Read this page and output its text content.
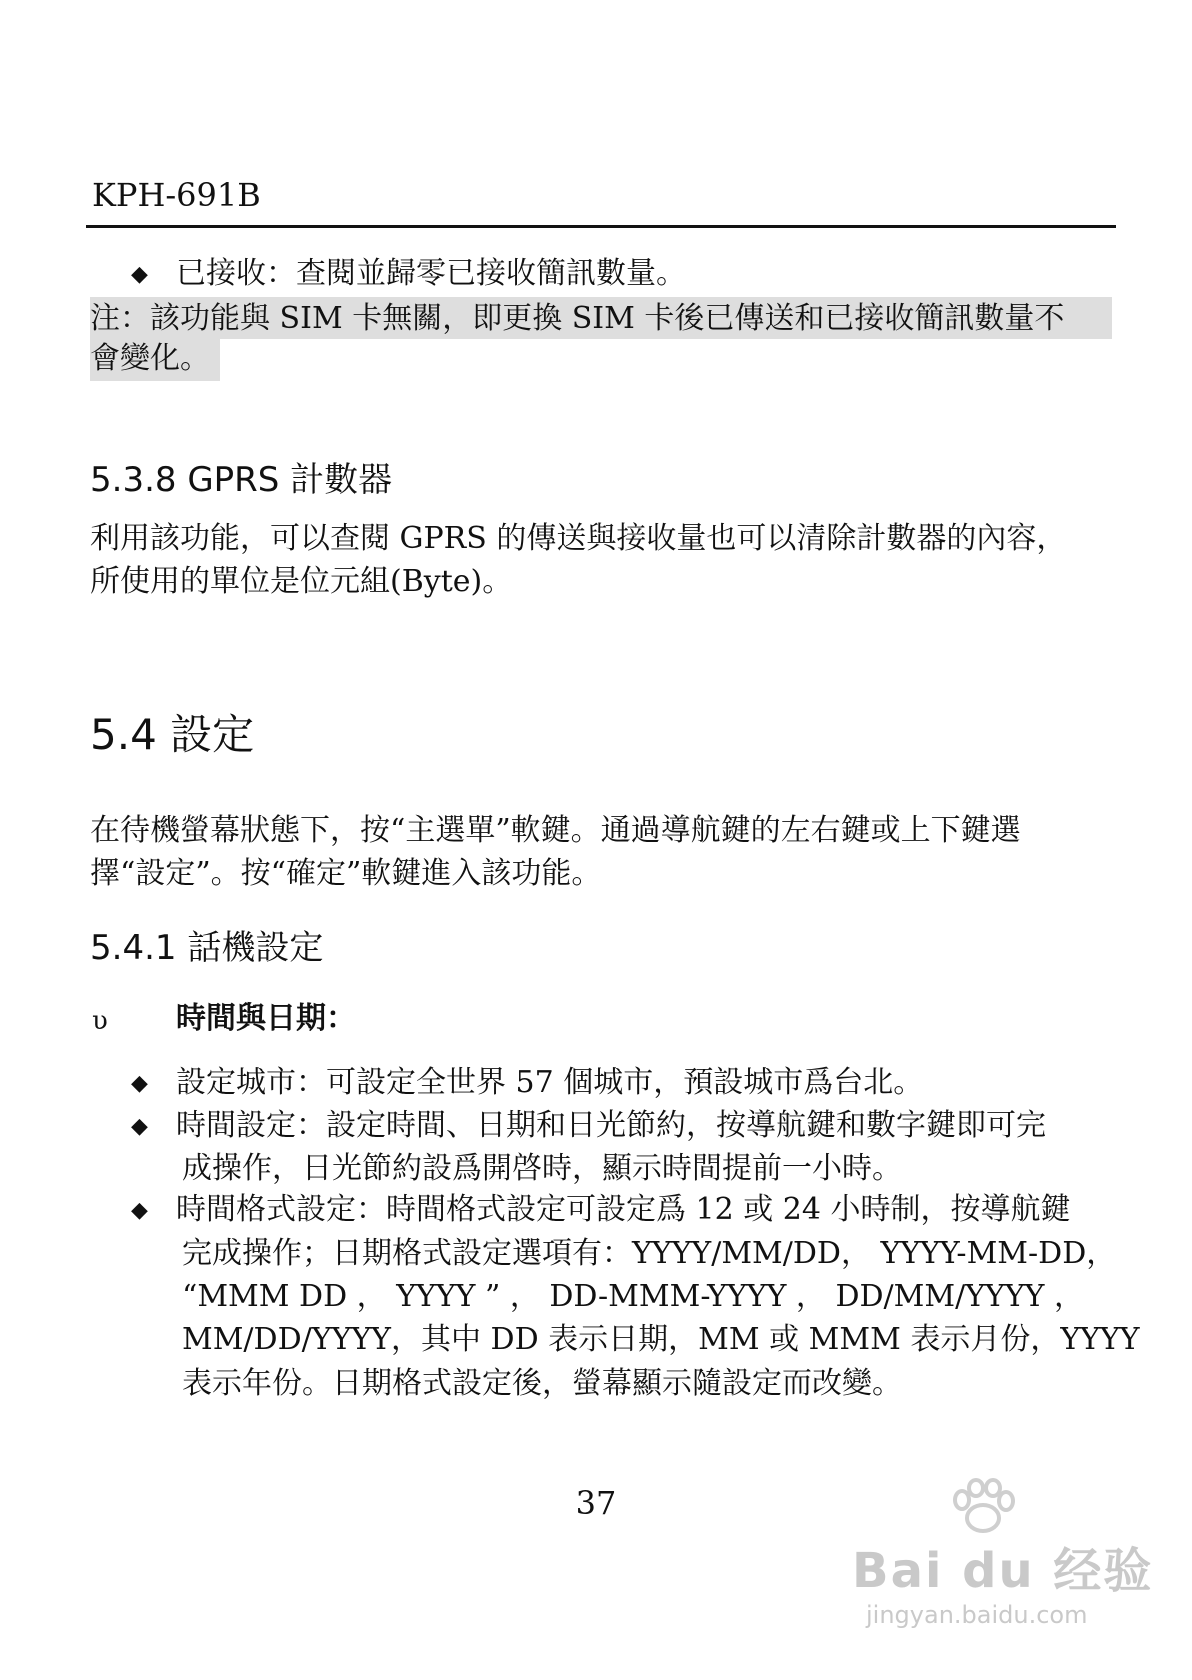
KPH-691B
◆ 已接收：查閱並歸零已接收簡訊數量。
注：該功能與 SIM 卡無關，即更換 SIM 卡後已傳送和已接收簡訊數量不
會變化。
5.3.8 GPRS 計數器
利用該功能，可以查閱 GPRS 的傳送與接收量也可以清除計數器的內容，
所使用的單位是位元組(Byte)。
5.4 設定
在待機螢幕狀態下，按“主選單”軟鍵。通過導航鍵的左右鍵或上下鍵選
擇“設定”。按“確定”軟鍵進入該功能。
5.4.1 話機設定
υ 時間與日期：
◆ 設定城市：可設定全世界 57 個城市，預設城市爲台北。
◆ 時間設定：設定時間、日期和日光節約，按導航鍵和數字鍵即可完
成操作，日光節約設爲開啓時，顯示時間提前一小時。
◆ 時間格式設定：時間格式設定可設定爲 12 或 24 小時制，按導航鍵
完成操作；日期格式設定選項有：YYYY/MM/DD， YYYY-MM-DD，
“MMM DD ， YYYY ” ， DD-MMM-YYYY ， DD/MM/YYYY ，
MM/DD/YYYY，其中 DD 表示日期，MM 或 MMM 表示月份，YYYY
表示年份。日期格式設定後，螢幕顯示隨設定而改變。
37
Bai du 经验
jingyan.baidu.com
